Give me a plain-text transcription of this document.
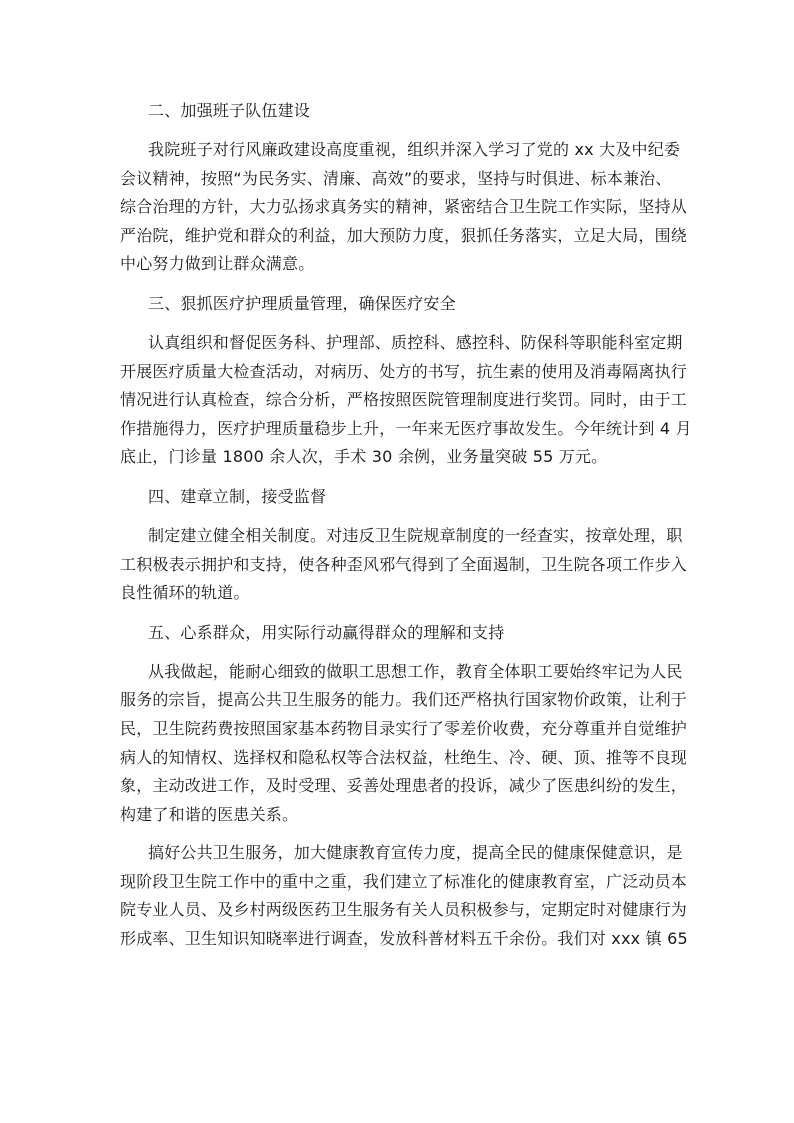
二、加强班子队伍建设

我院班子对行风廉政建设高度重视，组织并深入学习了党的 xx 大及中纪委
会议精神，按照“为民务实、清廉、高效”的要求，坚持与时俱进、标本兼治、
综合治理的方针，大力弘扬求真务实的精神，紧密结合卫生院工作实际，坚持从
严治院，维护党和群众的利益，加大预防力度，狠抓任务落实，立足大局，围绕
中心努力做到让群众满意。

三、狠抓医疗护理质量管理，确保医疗安全

认真组织和督促医务科、护理部、质控科、感控科、防保科等职能科室定期
开展医疗质量大检查活动，对病历、处方的书写，抗生素的使用及消毒隔离执行
情况进行认真检查，综合分析，严格按照医院管理制度进行奖罚。同时，由于工
作措施得力，医疗护理质量稳步上升，一年来无医疗事故发生。今年统计到 4 月
底止，门诊量 1800 余人次，手术 30 余例，业务量突破 55 万元。

四、建章立制，接受监督

制定建立健全相关制度。对违反卫生院规章制度的一经查实，按章处理，职
工积极表示拥护和支持，使各种歪风邪气得到了全面遏制，卫生院各项工作步入
良性循环的轨道。

五、心系群众，用实际行动赢得群众的理解和支持

从我做起，能耐心细致的做职工思想工作，教育全体职工要始终牢记为人民
服务的宗旨，提高公共卫生服务的能力。我们还严格执行国家物价政策，让利于
民，卫生院药费按照国家基本药物目录实行了零差价收费，充分尊重并自觉维护
病人的知情权、选择权和隐私权等合法权益，杜绝生、冷、硬、顶、推等不良现
象，主动改进工作，及时受理、妥善处理患者的投诉，减少了医患纠纷的发生，
构建了和谐的医患关系。
搞好公共卫生服务，加大健康教育宣传力度，提高全民的健康保健意识，是
现阶段卫生院工作中的重中之重，我们建立了标准化的健康教育室，广泛动员本
院专业人员、及乡村两级医药卫生服务有关人员积极参与，定期定时对健康行为
形成率、卫生知识知晓率进行调查，发放科普材料五千余份。我们对 xxx 镇 65
